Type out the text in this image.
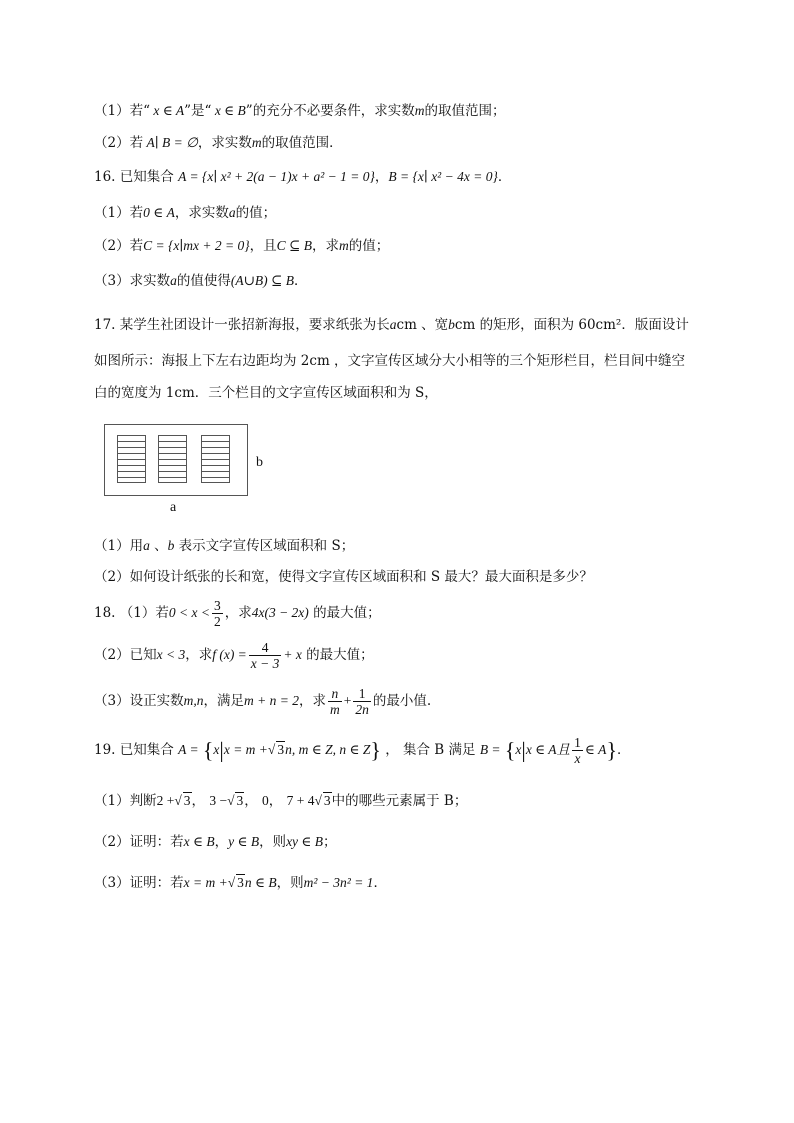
（1）若“ x ∈ A”是“ x ∈ B”的充分不必要条件，求实数m的取值范围；
（2）若 A∣ B = ∅，求实数m的取值范围．
16. 已知集合 A = {x∣ x² + 2(a − 1)x + a² − 1 = 0}，B = {x∣ x² − 4x = 0}．
（1）若0 ∈ A，求实数a的值；
（2）若C = {x∣mx + 2 = 0}，且C ⊆ B，求m的值；
（3）求实数a的值使得(A∪B) ⊆ B．
17. 某学生社团设计一张招新海报，要求纸张为长acm 、宽bcm 的矩形，面积为 60cm²．版面设计
如图所示：海报上下左右边距均为 2cm ，文字宣传区域分大小相等的三个矩形栏目，栏目间中缝空
白的宽度为 1cm．三个栏目的文字宣传区域面积和为 S，
b
a
（1）用a 、b 表示文字宣传区域面积和 S；
（2）如何设计纸张的长和宽，使得文字宣传区域面积和 S 最大？最大面积是多少？
18. （1）若$0 < x < \frac{3}{2}$ ，求4x(3 − 2x) 的最大值；
（2）已知x < 3，求f $(x) = \frac{4}{x - 3} + x$ 的最大值；
（3）设正实数m,n，满足m + n = 2，求 $\frac{n}{m} + \frac{1}{2n}$ 的最小值.
19. 已知集合 A = {x|x = m +√ 3n, m ∈ Z, n ∈ Z} ， 集合 B 满足 B = {x|x ∈ A且 $\frac{1}{x}$ ∈ A}．
（1）判断2 +√ 3， 3 −√ 3， 0， 7 + 4√ 3中的哪些元素属于 B；
（2）证明：若x ∈ B，y ∈ B，则xy ∈ B；
（3）证明：若x = m +√ 3n ∈ B，则m² − 3n² = 1．
